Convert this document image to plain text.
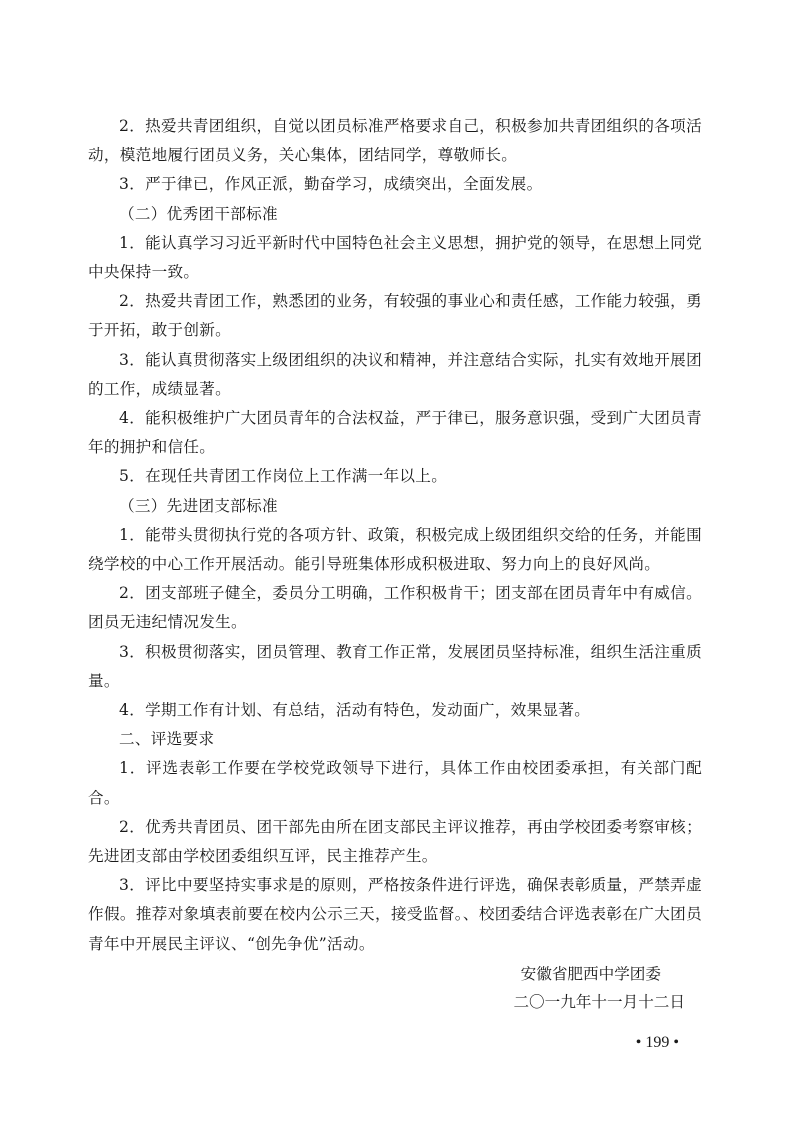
2．热爱共青团组织，自觉以团员标准严格要求自己，积极参加共青团组织的各项活动，模范地履行团员义务，关心集体，团结同学，尊敬师长。

3．严于律已，作风正派，勤奋学习，成绩突出，全面发展。

（二）优秀团干部标准

1．能认真学习习近平新时代中国特色社会主义思想，拥护党的领导，在思想上同党中央保持一致。

2．热爱共青团工作，熟悉团的业务，有较强的事业心和责任感，工作能力较强，勇于开拓，敢于创新。

3．能认真贯彻落实上级团组织的决议和精神，并注意结合实际，扎实有效地开展团的工作，成绩显著。

4．能积极维护广大团员青年的合法权益，严于律已，服务意识强，受到广大团员青年的拥护和信任。

5．在现任共青团工作岗位上工作满一年以上。

（三）先进团支部标准

1．能带头贯彻执行党的各项方针、政策，积极完成上级团组织交给的任务，并能围绕学校的中心工作开展活动。能引导班集体形成积极进取、努力向上的良好风尚。

2．团支部班子健全，委员分工明确，工作积极肯干；团支部在团员青年中有威信。团员无违纪情况发生。

3．积极贯彻落实，团员管理、教育工作正常，发展团员坚持标准，组织生活注重质量。

4．学期工作有计划、有总结，活动有特色，发动面广，效果显著。

二、评选要求

1．评选表彰工作要在学校党政领导下进行，具体工作由校团委承担，有关部门配合。

2．优秀共青团员、团干部先由所在团支部民主评议推荐，再由学校团委考察审核；先进团支部由学校团委组织互评，民主推荐产生。

3．评比中要坚持实事求是的原则，严格按条件进行评选，确保表彰质量，严禁弄虚作假。推荐对象填表前要在校内公示三天，接受监督。、校团委结合评选表彰在广大团员青年中开展民主评议、“创先争优”活动。

安徽省肥西中学团委
二〇一九年十一月十二日
• 199 •
